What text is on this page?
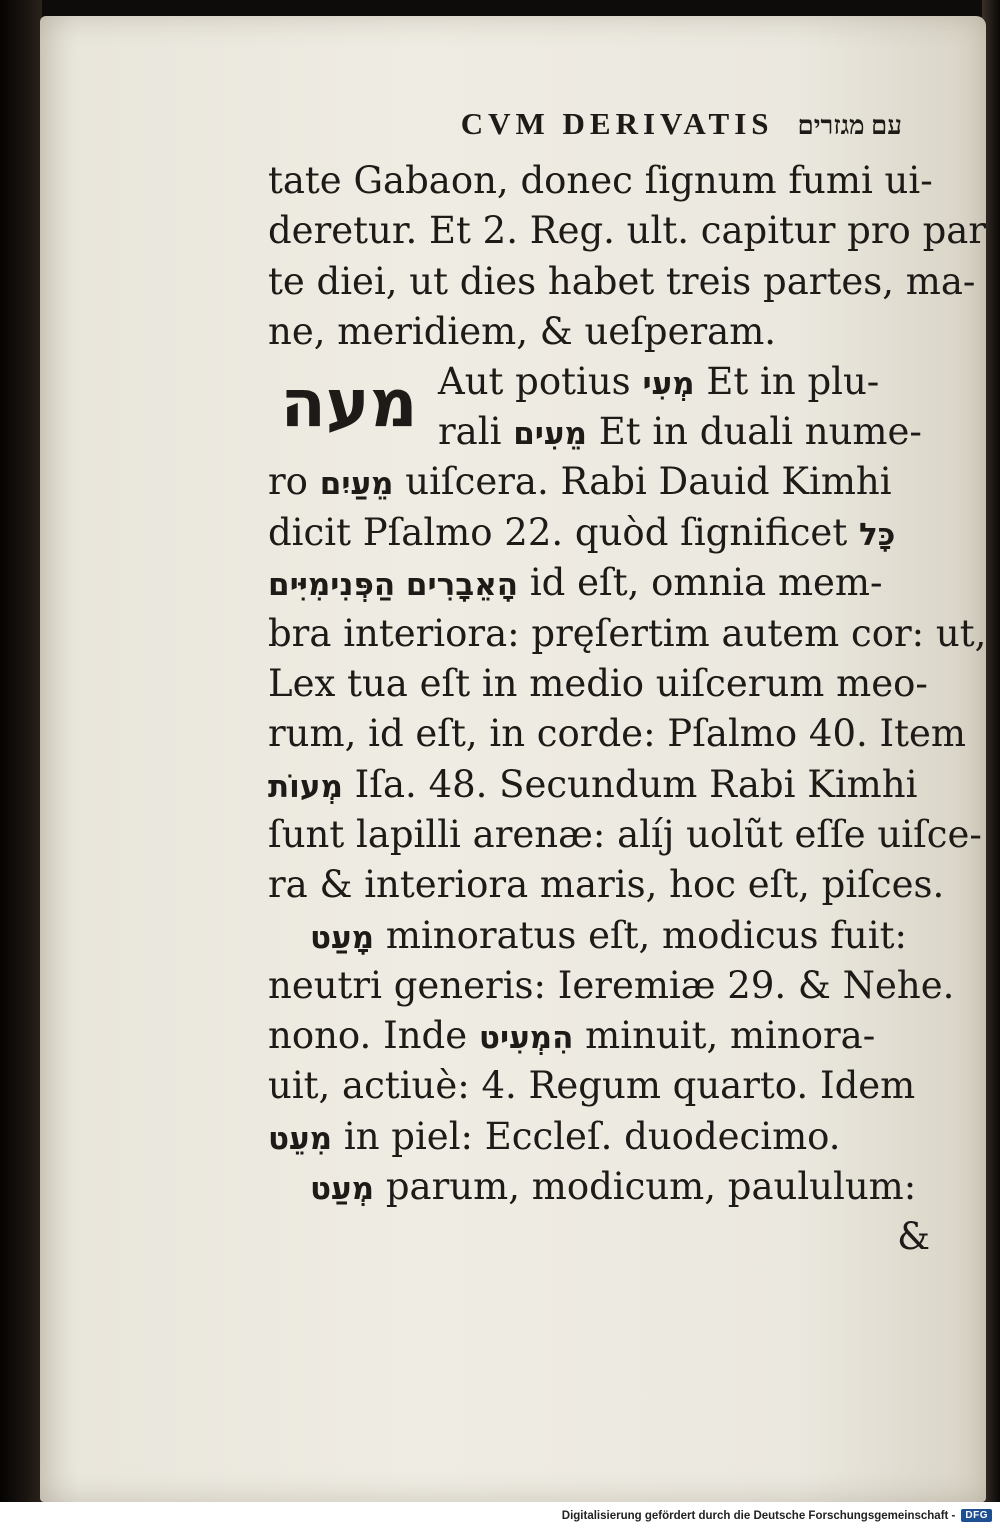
CVM DERIVATIS עם מגזרים
tate Gabaon, donec ſignum fumi ui-
deretur. Et 2. Reg. ult. capitur pro par
te diei, ut dies habet treis partes, ma-
ne, meridiem, & ueſperam.
מעה Aut potius מְעִי Et in plu-
rali מֵעִים Et in duali nume-
ro מֵעַיִם uiſcera. Rabi Dauid Kimhi
dicit Pſalmo 22. quòd ſignificet כָּל
הָאֵבָרִים הַפְּנִימִיִּים id eſt, omnia mem-
bra interiora: pręſertim autem cor: ut,
Lex tua eſt in medio uiſcerum meo-
rum, id eſt, in corde: Pſalmo 40. Item
מְעוֹת Iſa. 48. Secundum Rabi Kimhi
ſunt lapilli arenæ: alíj uolũt eſſe uiſce-
ra & interiora maris, hoc eſt, piſces.
מָעַט minoratus eſt, modicus fuit:
neutri generis: Ieremiæ 29. & Nehe.
nono. Inde הִמְעִיט minuit, minora-
uit, actiuè: 4. Regum quarto. Idem
מִעֵט in piel: Eccleſ. duodecimo.
מְעַט parum, modicum, paululum:
&
Digitalisierung gefördert durch die Deutsche Forschungsgemeinschaft -	DFG
